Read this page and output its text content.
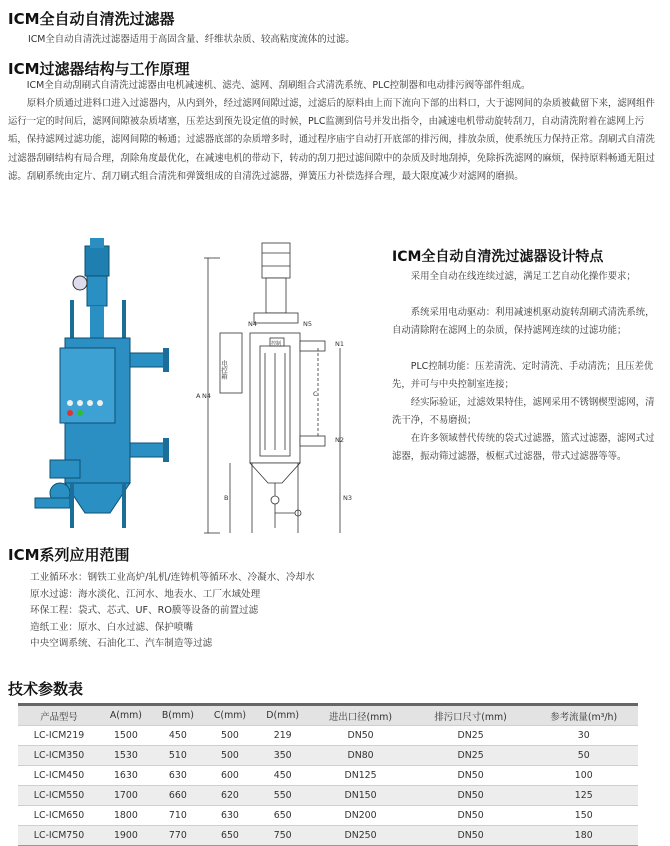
ICM全自动自清洗过滤器
ICM全自动自清洗过滤器适用于高固含量、纤维状杂质、较高粘度流体的过滤。
ICM过滤器结构与工作原理
ICM全自动刮刷式自清洗过滤器由电机减速机、滤壳、滤网、刮刷组合式清洗系统、PLC控制器和电动排污阀等部件组成。
原料介质通过进料口进入过滤器内，从内到外，经过滤网间隙过滤，过滤后的原料由上而下流向下部的出料口，大于滤网间的杂质被截留下来，滤网组件运行一定的时间后，滤网间隙被杂质堵塞，压差达到预先设定值的时候，PLC监测到信号并发出指令，由减速电机带动旋转刮刀，自动清洗附着在滤网上污垢，保持滤网过滤功能，滤网间隙的畅通；过滤器底部的杂质增多时，通过程序庙宇自动打开底部的排污阀，排放杂质，使系统压力保持正常。刮刷式自清洗过滤器刮刷结构有局合理，刮除角度最优化，在减速电机的带动下，转动的刮刀把过滤间隙中的杂质及时地刮掉，免除拆洗滤网的麻烦，保持原料畅通无阻过滤。刮刷系统由定片、刮刀刷式组合清洗和弹簧组成的自清洗过滤器，弹簧压力补偿选择合理，最大限度减少对滤网的磨损。
电控箱
控制
N4
N4	N5
N1
N2
N3
A
B
C
ICM全自动自清洗过滤器设计特点
采用全自动在线连续过滤，满足工艺自动化操作要求；
系统采用电动驱动：利用减速机驱动旋转刮刷式清洗系统，自动清除附在滤网上的杂质，保持滤网连续的过滤功能；
PLC控制功能：压差清洗、定时清洗、手动清洗；且压差优先，并可与中央控制室连接；
经实际验证，过滤效果特佳，滤网采用不锈钢楔型滤网，清洗干净，不易磨损；
在许多领域替代传统的袋式过滤器，篮式过滤器，滤网式过滤器，振动筛过滤器，板框式过滤器，带式过滤器等等。
ICM系列应用范围
工业循环水：钢铁工业高炉/轧机/连铸机等循环水、冷凝水、冷却水
原水过滤：海水淡化、江河水、地表水、工厂水域处理
环保工程：袋式、芯式、UF、RO膜等设备的前置过滤
造纸工业：原水、白水过滤、保护喷嘴
中央空调系统、石油化工、汽车制造等过滤
技术参数表
产品型号	A(mm)	B(mm)	C(mm)	D(mm)	进出口径(mm)	排污口尺寸(mm)	参考流量(m³/h)
LC-ICM219	1500	450	500	219	DN50	DN25	30
LC-ICM350	1530	510	500	350	DN80	DN25	50
LC-ICM450	1630	630	600	450	DN125	DN50	100
LC-ICM550	1700	660	620	550	DN150	DN50	125
LC-ICM650	1800	710	630	650	DN200	DN50	150
LC-ICM750	1900	770	650	750	DN250	DN50	180
